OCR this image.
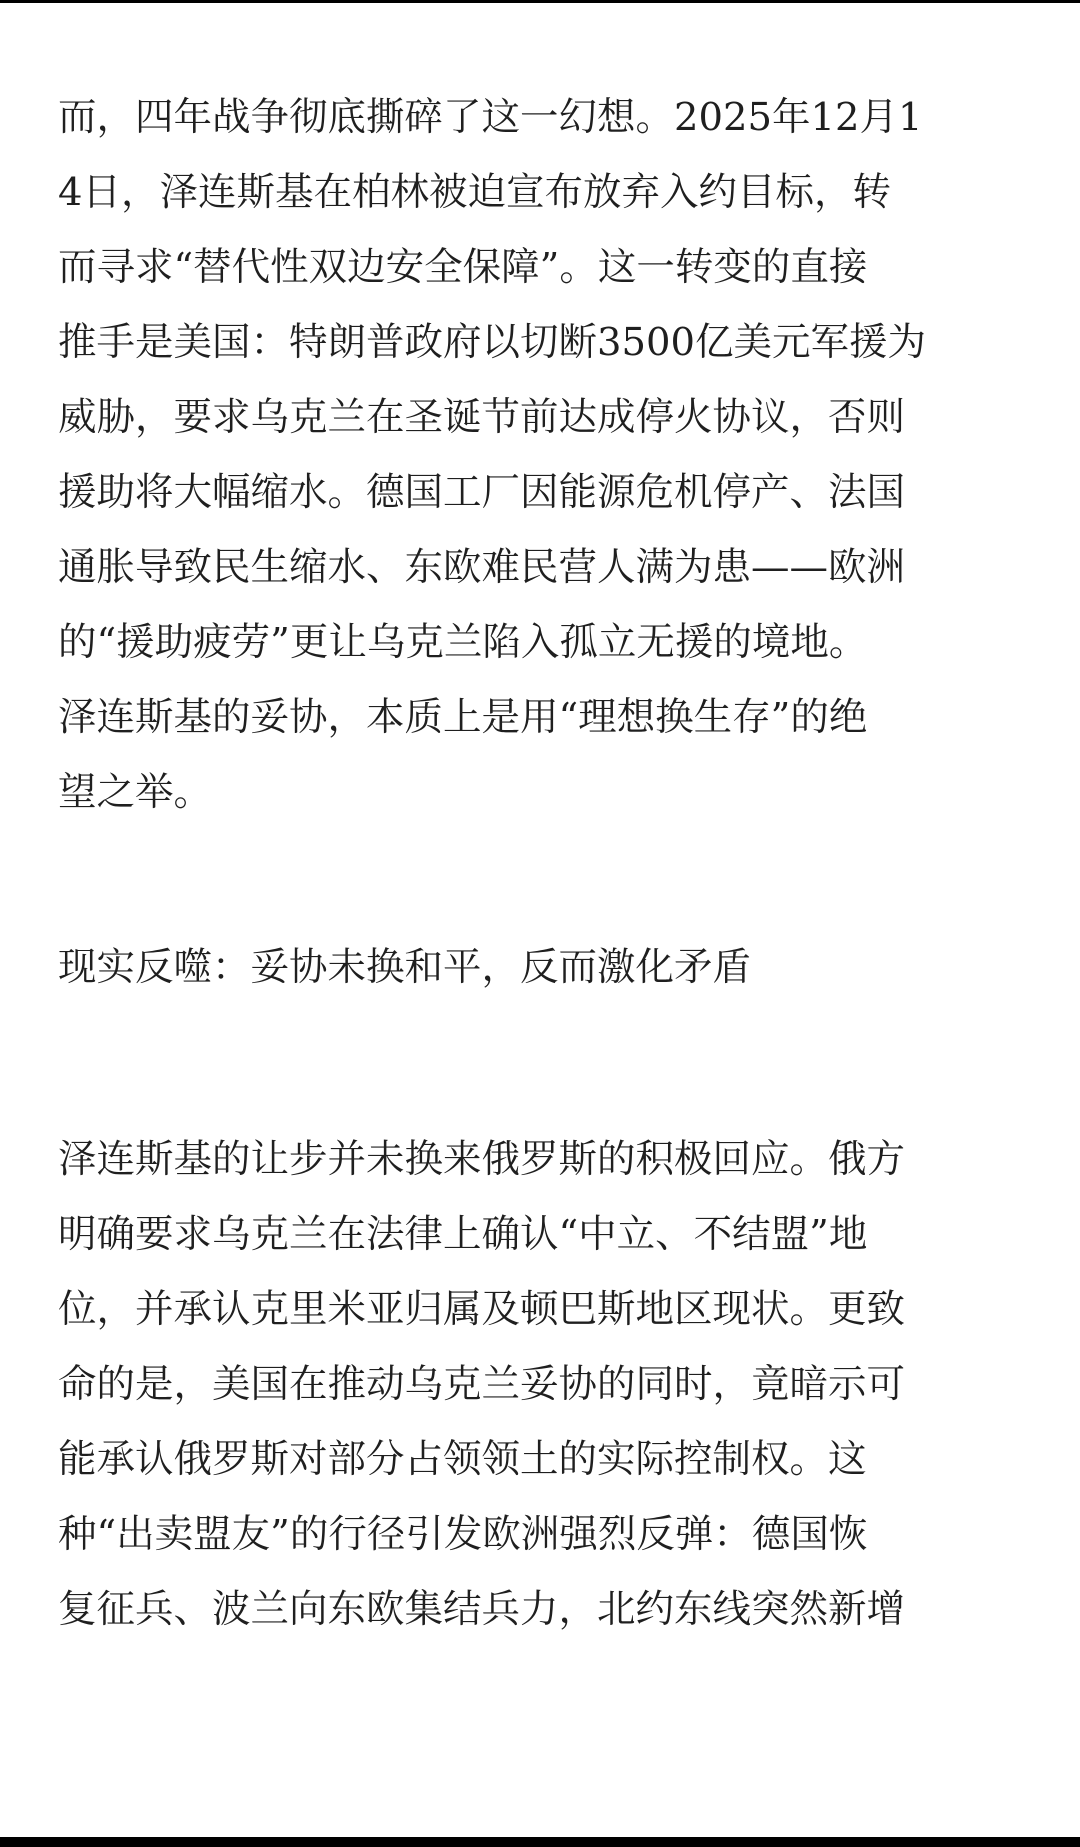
而，四年战争彻底撕碎了这一幻想。2025年12月1
4日，泽连斯基在柏林被迫宣布放弃入约目标，转
而寻求“替代性双边安全保障”。这一转变的直接
推手是美国：特朗普政府以切断3500亿美元军援为
威胁，要求乌克兰在圣诞节前达成停火协议，否则
援助将大幅缩水。德国工厂因能源危机停产、法国
通胀导致民生缩水、东欧难民营人满为患——欧洲
的“援助疲劳”更让乌克兰陷入孤立无援的境地。
泽连斯基的妥协，本质上是用“理想换生存”的绝
望之举。
现实反噬：妥协未换和平，反而激化矛盾
泽连斯基的让步并未换来俄罗斯的积极回应。俄方
明确要求乌克兰在法律上确认“中立、不结盟”地
位，并承认克里米亚归属及顿巴斯地区现状。更致
命的是，美国在推动乌克兰妥协的同时，竟暗示可
能承认俄罗斯对部分占领领土的实际控制权。这
种“出卖盟友”的行径引发欧洲强烈反弹：德国恢
复征兵、波兰向东欧集结兵力，北约东线突然新增
